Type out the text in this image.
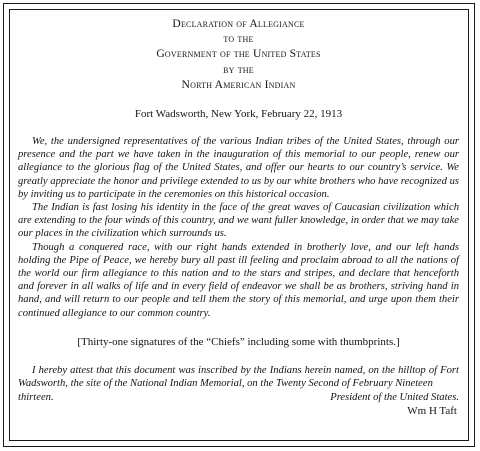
Declaration of Allegiance
to the
Government of the United States
by the
North American Indian
Fort Wadsworth, New York, February 22, 1913

We, the undersigned representatives of the various Indian tribes of the United States, through our presence and the part we have taken in the inauguration of this memorial to our people, renew our allegiance to the glorious flag of the United States, and offer our hearts to our country’s service. We greatly appreciate the honor and privilege extended to us by our white brothers who have recognized us by inviting us to participate in the ceremonies on this historical occasion.

The Indian is fast losing his identity in the face of the great waves of Caucasian civilization which are extending to the four winds of this country, and we want fuller knowledge, in order that we may take our places in the civilization which surrounds us.

Though a conquered race, with our right hands extended in brotherly love, and our left hands holding the Pipe of Peace, we hereby bury all past ill feeling and proclaim abroad to all the nations of the world our firm allegiance to this nation and to the stars and stripes, and declare that henceforth and forever in all walks of life and in every field of endeavor we shall be as brothers, striving hand in hand, and will return to our people and tell them the story of this memorial, and urge upon them their continued allegiance to our common country.

[Thirty-one signatures of the “Chiefs” including some with thumbprints.]

I hereby attest that this document was inscribed by the Indians herein named, on the hilltop of Fort Wadsworth, the site of the National Indian Memorial, on the Twenty Second of February Nineteen

thirteen.	President of the United States.

Wm H Taft
